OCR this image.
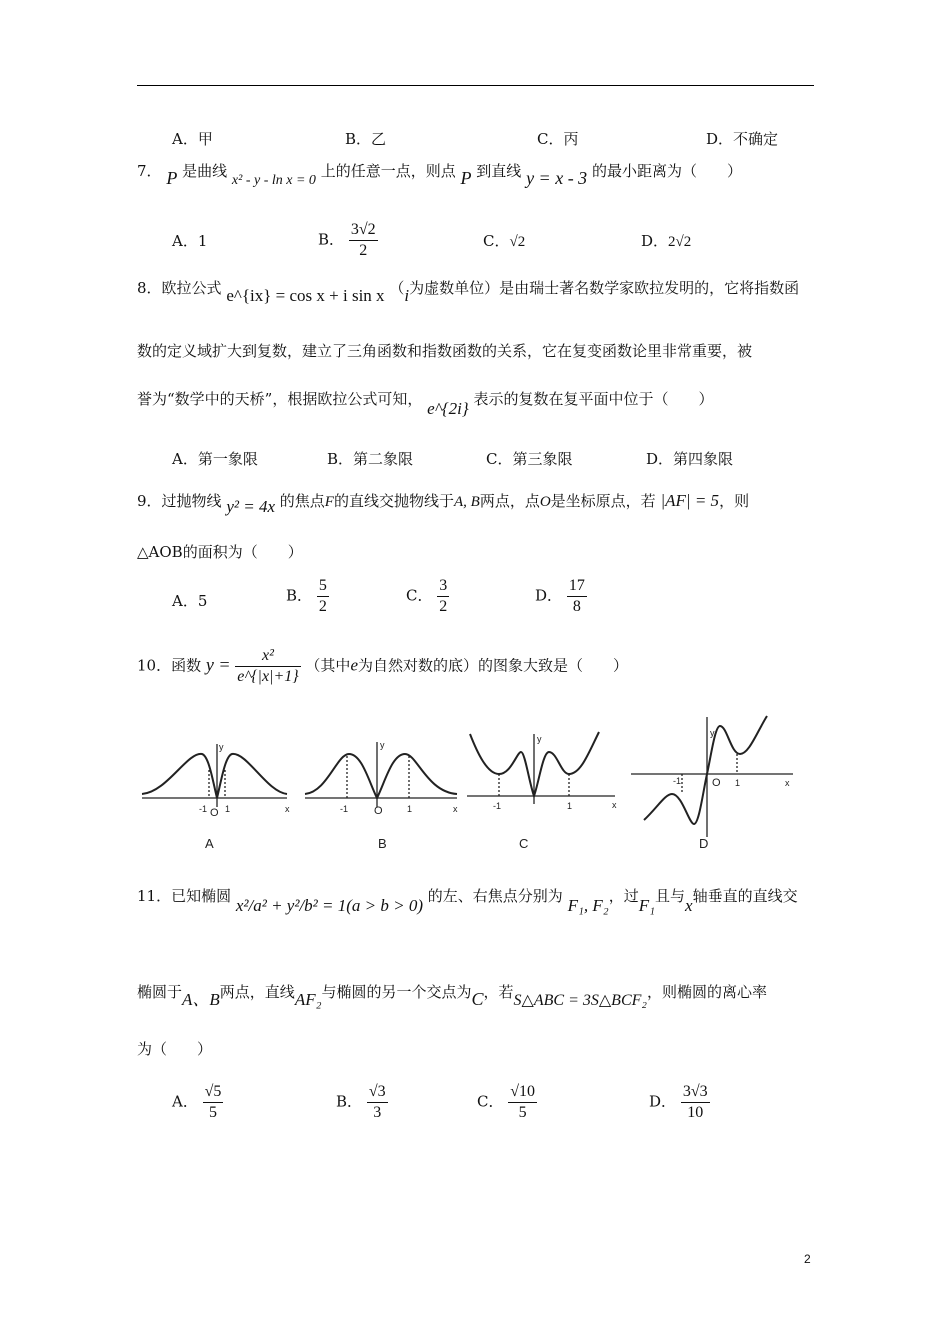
A．甲	B．乙	C．丙	D．不确定
7． P 是曲线 x² - y - ln x = 0 上的任意一点，则点 P 到直线 y = x - 3 的最小距离为（　　）
A．1	B． $\frac{3√2}{2}$	C．√2	D．2√2
8．欧拉公式 e^{ix} = cos x + i sin x （i为虚数单位）是由瑞士著名数学家欧拉发明的，它将指数函
数的定义域扩大到复数，建立了三角函数和指数函数的关系，它在复变函数论里非常重要，被
誉为“数学中的天桥”，根据欧拉公式可知， e^{2i} 表示的复数在复平面中位于（　　）
A．第一象限	B．第二象限	C．第三象限	D．第四象限
9．过抛物线 y² = 4x 的焦点F的直线交抛物线于A, B两点，点O是坐标原点，若 |AF| = 5，则
△AOB的面积为（　　）
A．5	B． $\frac{5}{2}$	C． $\frac{3}{2}$	D． $\frac{17}{8}$
10．函数 $y = \frac{\text{x²}}{e\^{}\{|x|+1\}}$ （其中e为自然对数的底）的图象大致是（　　）
y
x
-1 1
O
y
x
-1	1
O
y
x
-1	1
y
x
-1	1
O
A	B	C	D
11．已知椭圆 x²/a² + y²/b² = 1(a > b > 0) 的左、右焦点分别为 F₁, F₂，过F₁且与x轴垂直的直线交
椭圆于A、B两点，直线AF₂与椭圆的另一个交点为C，若S△ABC = 3S△BCF₂，则椭圆的离心率
为（　　）
A． $\frac{√5}{5}$	B． $\frac{√3}{3}$	C． $\frac{√10}{5}$	D． $\frac{3√3}{10}$
2
